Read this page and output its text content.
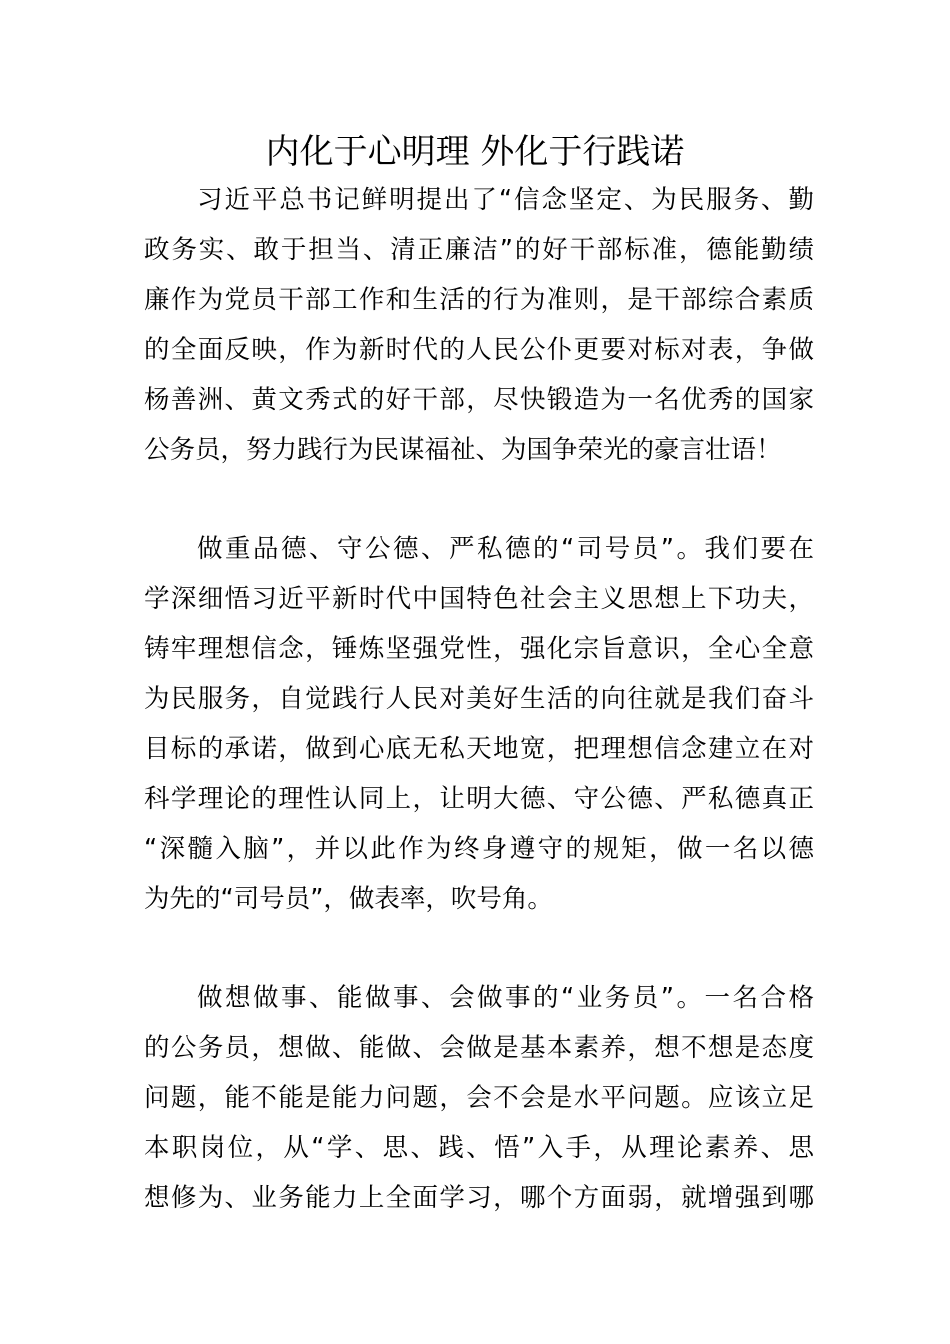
内化于心明理 外化于行践诺
习近平总书记鲜明提出了“信念坚定、为民服务、勤
政务实、敢于担当、清正廉洁”的好干部标准，德能勤绩
廉作为党员干部工作和生活的行为准则，是干部综合素质
的全面反映，作为新时代的人民公仆更要对标对表，争做
杨善洲、黄文秀式的好干部，尽快锻造为一名优秀的国家
公务员，努力践行为民谋福祉、为国争荣光的豪言壮语！
做重品德、守公德、严私德的“司号员”。我们要在
学深细悟习近平新时代中国特色社会主义思想上下功夫，
铸牢理想信念，锤炼坚强党性，强化宗旨意识，全心全意
为民服务，自觉践行人民对美好生活的向往就是我们奋斗
目标的承诺，做到心底无私天地宽，把理想信念建立在对
科学理论的理性认同上，让明大德、守公德、严私德真正
“深髓入脑”，并以此作为终身遵守的规矩，做一名以德
为先的“司号员”，做表率，吹号角。
做想做事、能做事、会做事的“业务员”。一名合格
的公务员，想做、能做、会做是基本素养，想不想是态度
问题，能不能是能力问题，会不会是水平问题。应该立足
本职岗位，从“学、思、践、悟”入手，从理论素养、思
想修为、业务能力上全面学习，哪个方面弱，就增强到哪
